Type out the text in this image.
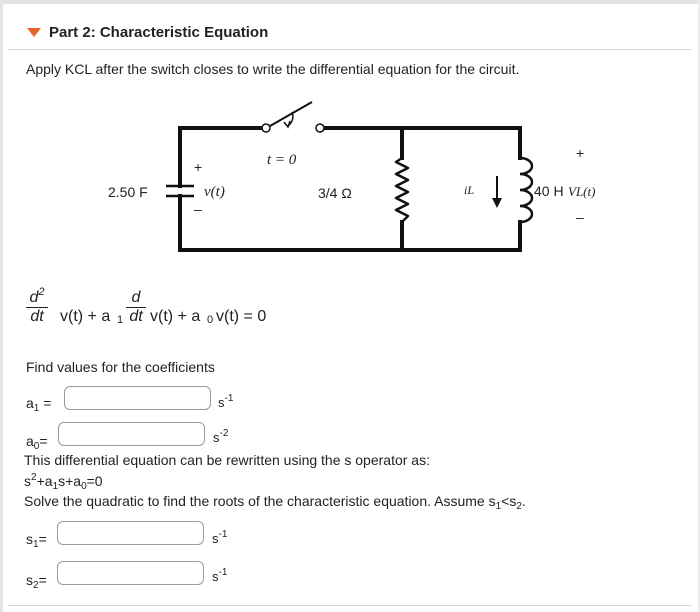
Part 2: Characteristic Equation
Apply KCL after the switch closes to write the differential equation for the circuit.
t = 0
2.50 F
+
v(t)
–
3/4 Ω	iL
+
40 H VL(t)
–
$d^2$
dt v(t) + a 1
d
dt v(t) + a 0 v(t) = 0
Find values for the coefficients
$a_1$ =	$s^{-1}$
$a_0=$	$s^{-2}$
This differential equation can be rewritten using the s operator as:
$s^2+a_1s+a_0=0$
Solve the quadratic to find the roots of the characteristic equation. Assume $s_1<s_2$.
$s_1=$	$s^{-1}$
$s_2=$	$s^{-1}$
